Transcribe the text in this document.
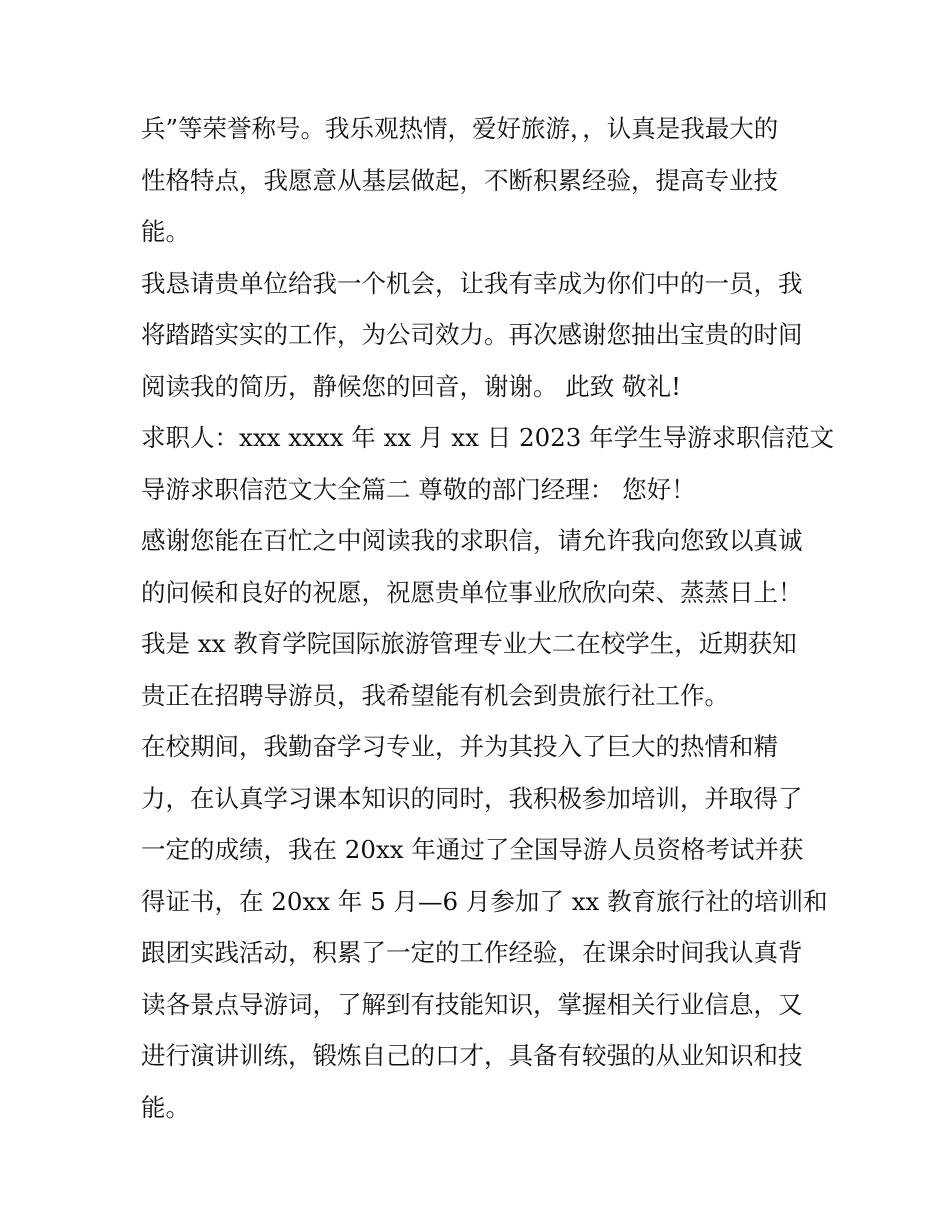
兵”等荣誉称号。我乐观热情，爱好旅游，，认真是我最大的
性格特点，我愿意从基层做起，不断积累经验，提高专业技
能。
我恳请贵单位给我一个机会，让我有幸成为你们中的一员，我
将踏踏实实的工作，为公司效力。再次感谢您抽出宝贵的时间
阅读我的简历，静候您的回音，谢谢。 此致 敬礼!
求职人：xxx xxxx 年 xx 月 xx 日 2023 年学生导游求职信范文
导游求职信范文大全篇二 尊敬的部门经理： 您好！
感谢您能在百忙之中阅读我的求职信，请允许我向您致以真诚
的问候和良好的祝愿，祝愿贵单位事业欣欣向荣、蒸蒸日上！
我是 xx 教育学院国际旅游管理专业大二在校学生，近期获知
贵正在招聘导游员，我希望能有机会到贵旅行社工作。
在校期间，我勤奋学习专业，并为其投入了巨大的热情和精
力，在认真学习课本知识的同时，我积极参加培训，并取得了
一定的成绩，我在 20xx 年通过了全国导游人员资格考试并获
得证书，在 20xx 年 5 月—6 月参加了 xx 教育旅行社的培训和
跟团实践活动，积累了一定的工作经验，在课余时间我认真背
读各景点导游词，了解到有技能知识，掌握相关行业信息，又
进行演讲训练，锻炼自己的口才，具备有较强的从业知识和技
能。
